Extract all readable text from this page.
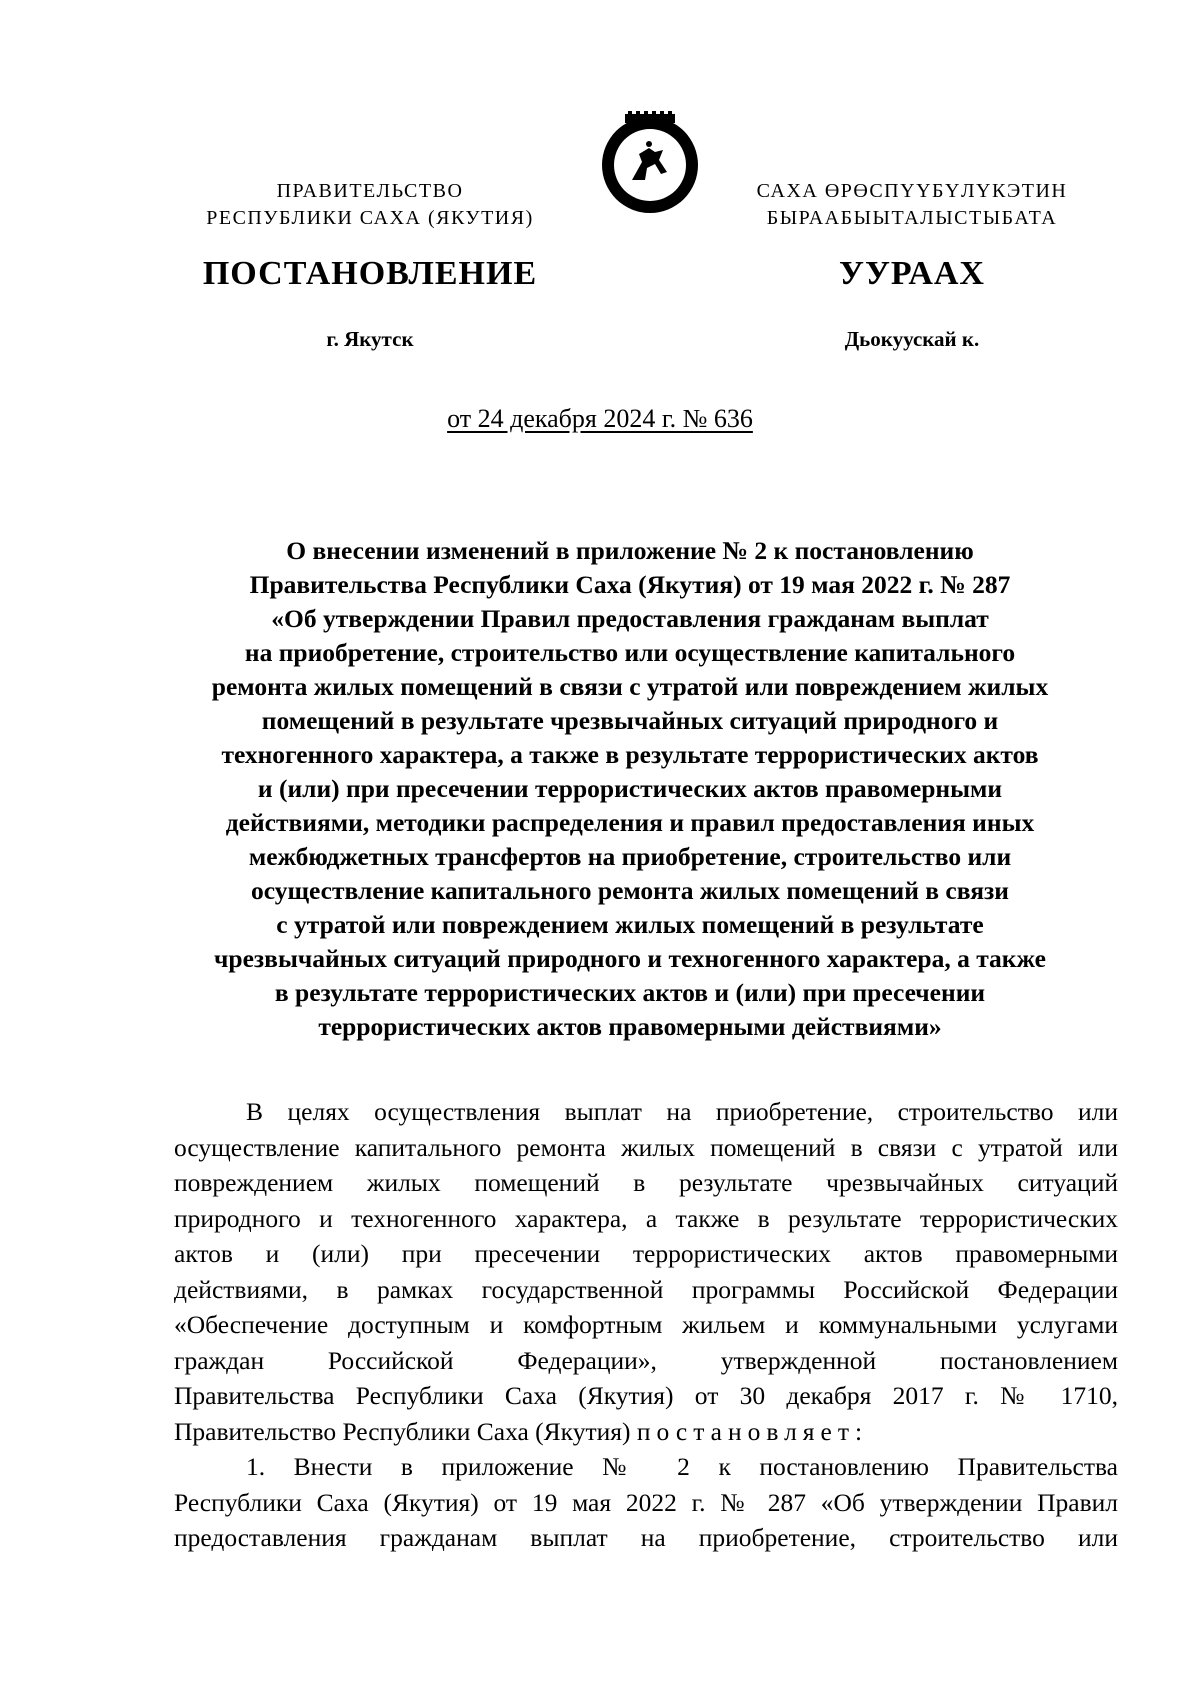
ПРАВИТЕЛЬСТВО
РЕСПУБЛИКИ САХА (ЯКУТИЯ)
САХА ӨРӨСПҮҮБҮЛҮКЭТИН
БЫРААБЫЫТАЛЫСТЫБАТА
ПОСТАНОВЛЕНИЕ	УУРААХ
г. Якутск	Дьокуускай к.
от 24 декабря 2024 г. № 636
О внесении изменений в приложение № 2 к постановлению
Правительства Республики Саха (Якутия) от 19 мая 2022 г. № 287
«Об утверждении Правил предоставления гражданам выплат
на приобретение, строительство или осуществление капитального
ремонта жилых помещений в связи с утратой или повреждением жилых
помещений в результате чрезвычайных ситуаций природного и
техногенного характера, а также в результате террористических актов
и (или) при пресечении террористических актов правомерными
действиями, методики распределения и правил предоставления иных
межбюджетных трансфертов на приобретение, строительство или
осуществление капитального ремонта жилых помещений в связи
с утратой или повреждением жилых помещений в результате
чрезвычайных ситуаций природного и техногенного характера, а также
в результате террористических актов и (или) при пресечении
террористических актов правомерными действиями»

В целях осуществления выплат на приобретение, строительство или
осуществление капитального ремонта жилых помещений в связи с утратой или
повреждением жилых помещений в результате чрезвычайных ситуаций
природного и техногенного характера, а также в результате террористических
актов и (или) при пресечении террористических актов правомерными
действиями, в рамках государственной программы Российской Федерации
«Обеспечение доступным и комфортным жильем и коммунальными услугами
граждан Российской Федерации», утвержденной постановлением
Правительства Республики Саха (Якутия) от 30 декабря 2017 г. № 1710,
Правительство Республики Саха (Якутия) постановляет:

1. Внести в приложение № 2 к постановлению Правительства
Республики Саха (Якутия) от 19 мая 2022 г. № 287 «Об утверждении Правил
предоставления гражданам выплат на приобретение, строительство или
